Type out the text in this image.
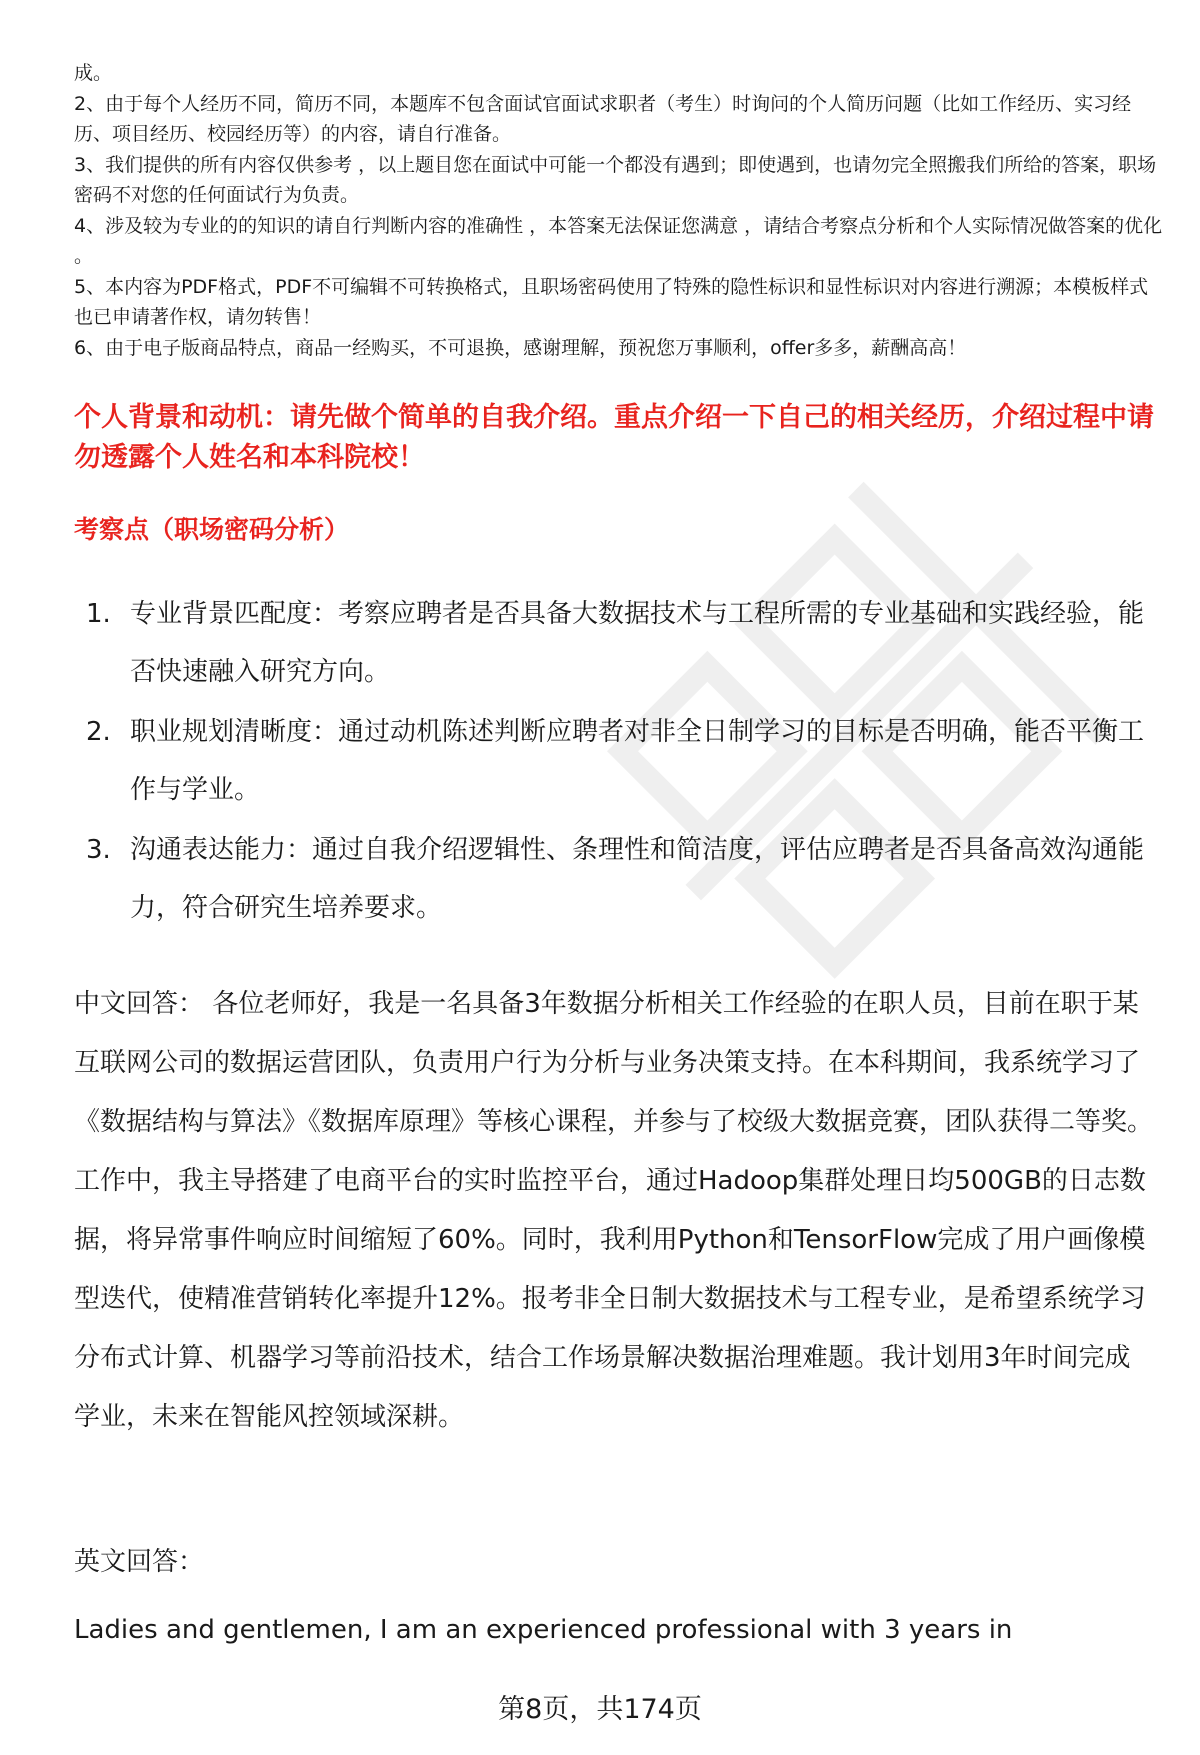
成。

2、由于每个人经历不同，简历不同，本题库不包含面试官面试求职者（考生）时询问的个人简历问题（比如工作经历、实习经历、项目经历、校园经历等）的内容，请自行准备。

3、我们提供的所有内容仅供参考 ，以上题目您在面试中可能一个都没有遇到；即使遇到，也请勿完全照搬我们所给的答案，职场密码不对您的任何面试行为负责。

4、涉及较为专业的的知识的请自行判断内容的准确性 ，本答案无法保证您满意 ，请结合考察点分析和个人实际情况做答案的优化 。

5、本内容为PDF格式，PDF不可编辑不可转换格式，且职场密码使用了特殊的隐性标识和显性标识对内容进行溯源；本模板样式也已申请著作权，请勿转售！

6、由于电子版商品特点，商品一经购买，不可退换，感谢理解，预祝您万事顺利，offer多多，薪酬高高！

个人背景和动机：请先做个简单的自我介绍。重点介绍一下自己的相关经历，介绍过程中请勿透露个人姓名和本科院校！
考察点（职场密码分析）
1. 专业背景匹配度：考察应聘者是否具备大数据技术与工程所需的专业基础和实践经验，能否快速融入研究方向。
2. 职业规划清晰度：通过动机陈述判断应聘者对非全日制学习的目标是否明确，能否平衡工作与学业。
3. 沟通表达能力：通过自我介绍逻辑性、条理性和简洁度，评估应聘者是否具备高效沟通能力，符合研究生培养要求。

中文回答： 各位老师好，我是一名具备3年数据分析相关工作经验的在职人员，目前在职于某互联网公司的数据运营团队，负责用户行为分析与业务决策支持。在本科期间，我系统学习了《数据结构与算法》《数据库原理》等核心课程，并参与了校级大数据竞赛，团队获得二等奖。工作中，我主导搭建了电商平台的实时监控平台，通过Hadoop集群处理日均500GB的日志数据，将异常事件响应时间缩短了60%。同时，我利用Python和TensorFlow完成了用户画像模型迭代，使精准营销转化率提升12%。报考非全日制大数据技术与工程专业，是希望系统学习分布式计算、机器学习等前沿技术，结合工作场景解决数据治理难题。我计划用3年时间完成学业，未来在智能风控领域深耕。

英文回答：

Ladies and gentlemen, I am an experienced professional with 3 years in

第8页，共174页
